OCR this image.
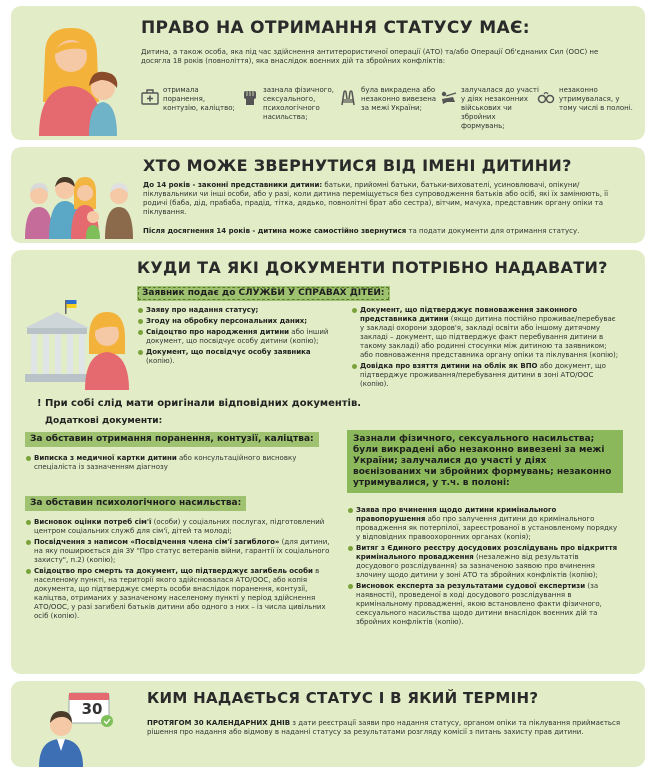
ПРАВО НА ОТРИМАННЯ СТАТУСУ МАЄ:
Дитина, а також особа, яка під час здійснення антитерористичної операції (АТО) та/або Операції Об'єднаних Сил (ООС) не досягла 18 років (повноліття), яка внаслідок воєнних дій та збройних конфліктів:
отримала поранення, контузію, каліцтво;
зазнала фізичного, сексуального, психологічного насильства;
була викрадена або незаконно вивезена за межі України;
залучалася до участі у діях незаконних військових чи збройних формувань;
незаконно утримувалася, у тому числі в полоні.
ХТО МОЖЕ ЗВЕРНУТИСЯ ВІД ІМЕНІ ДИТИНИ?
До 14 років - законні представники дитини: батьки, прийомні батьки, батьки-вихователі, усиновлювачі, опікуни/піклувальники чи інші особи, або у разі, коли дитина переміщується без супроводження батьків або осіб, які їх замінюють, її родичі (баба, дід, прабаба, прадід, тітка, дядько, повнолітні брат або сестра), вітчим, мачуха, представник органу опіки та піклування.
Після досягнення 14 років - дитина може самостійно звернутися та подати документи для отримання статусу.
КУДИ ТА ЯКІ ДОКУМЕНТИ ПОТРІБНО НАДАВАТИ?
Заявник подає до СЛУЖБИ У СПРАВАХ ДІТЕЙ:
Заяву про надання статусу;
Згоду на обробку персональних даних;
Свідоцтво про народження дитини або інший документ, що посвідчує особу дитини (копію);
Документ, що посвідчує особу заявника (копію).
Документ, що підтверджує повноваження законного представника дитини (якщо дитина постійно проживає/перебуває у закладі охорони здоров'я, закладі освіти або іншому дитячому закладі – документ, що підтверджує факт перебування дитини в такому закладі) або родинні стосунки між дитиною та заявником; або повноваження представника органу опіки та піклування (копію);
Довідка про взяття дитини на облік як ВПО або документ, що підтверджує проживання/перебування дитини в зоні АТО/ООС (копію).
! При собі слід мати оригінали відповідних документів.
Додаткові документи:
За обставин отримання поранення, контузії, каліцтва:
Виписка з медичної картки дитини або консультаційного висновку спеціаліста із зазначенням діагнозу
За обставин психологічного насильства:
Висновок оцінки потреб сім'ї (особи) у соціальних послугах, підготовлений центром соціальних служб для сім'ї, дітей та молоді;
Посвідчення з написом «Посвідчення члена сім'ї загиблого» (для дитини, на яку поширюється дія ЗУ "Про статус ветеранів війни, гарантії їх соціального захисту", п.2) (копію);
Свідоцтво про смерть та документ, що підтверджує загибель особи в населеному пункті, на території якого здійснювалася АТО/ООС, або копія документа, що підтверджує смерть особи внаслідок поранення, контузії, каліцтва, отриманих у зазначеному населеному пункті у період здійснення АТО/ООС, у разі загибелі батьків дитини або одного з них – із числа цивільних осіб (копію).
Зазнали фізичного, сексуального насильства; були викрадені або незаконно вивезені за межі України; залучалися до участі у діях воєнізованих чи збройних формувань; незаконно утримувалися, у т.ч. в полоні:
Заява про вчинення щодо дитини кримінального правопорушення або про залучення дитини до кримінального провадження як потерпілої, зареєстрованої в установленому порядку у відповідних правоохоронних органах (копія);
Витяг з Єдиного реєстру досудових розслідувань про відкриття кримінального провадження (незалежно від результатів досудового розслідування) за зазначеною заявою про вчинення злочину щодо дитини у зоні АТО та збройних конфліктів (копію);
Висновок експерта за результатами судової експертизи (за наявності), проведеної в ході досудового розслідування в кримінальному провадженні, якою встановлено факти фізичного, сексуального насильства щодо дитини внаслідок воєнних дій та збройних конфліктів (копію).
30
КИМ НАДАЄТЬСЯ СТАТУС І В ЯКИЙ ТЕРМІН?
ПРОТЯГОМ 30 КАЛЕНДАРНИХ ДНІВ з дати реєстрації заяви про надання статусу, органом опіки та піклування приймається рішення про надання або відмову в наданні статусу за результатами розгляду комісії з питань захисту прав дитини.
